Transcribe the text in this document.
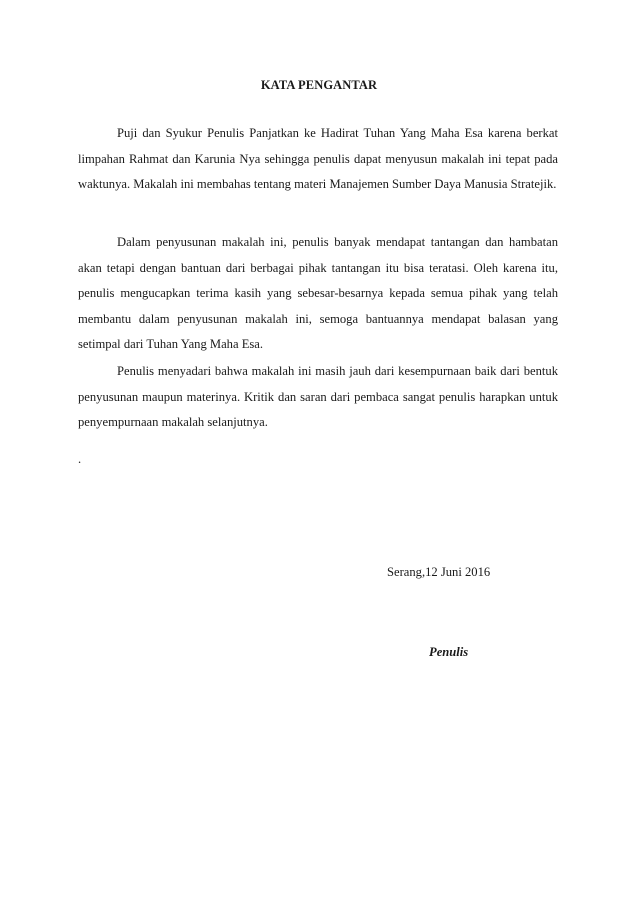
KATA PENGANTAR

Puji dan Syukur Penulis Panjatkan ke Hadirat Tuhan Yang Maha Esa karena berkat limpahan Rahmat dan Karunia Nya sehingga penulis dapat menyusun makalah ini tepat pada waktunya. Makalah ini membahas tentang materi Manajemen Sumber Daya Manusia Stratejik.

Dalam penyusunan makalah ini, penulis banyak mendapat tantangan dan hambatan akan tetapi dengan bantuan dari berbagai pihak tantangan itu bisa teratasi. Oleh karena itu, penulis mengucapkan terima kasih yang sebesar-besarnya kepada semua pihak yang telah membantu dalam penyusunan makalah ini, semoga bantuannya mendapat balasan yang setimpal dari Tuhan Yang Maha Esa.

Penulis menyadari bahwa makalah ini masih jauh dari kesempurnaan baik dari bentuk penyusunan maupun materinya. Kritik dan saran dari pembaca sangat penulis harapkan untuk penyempurnaan makalah selanjutnya.

.
Serang,12 Juni 2016
Penulis
